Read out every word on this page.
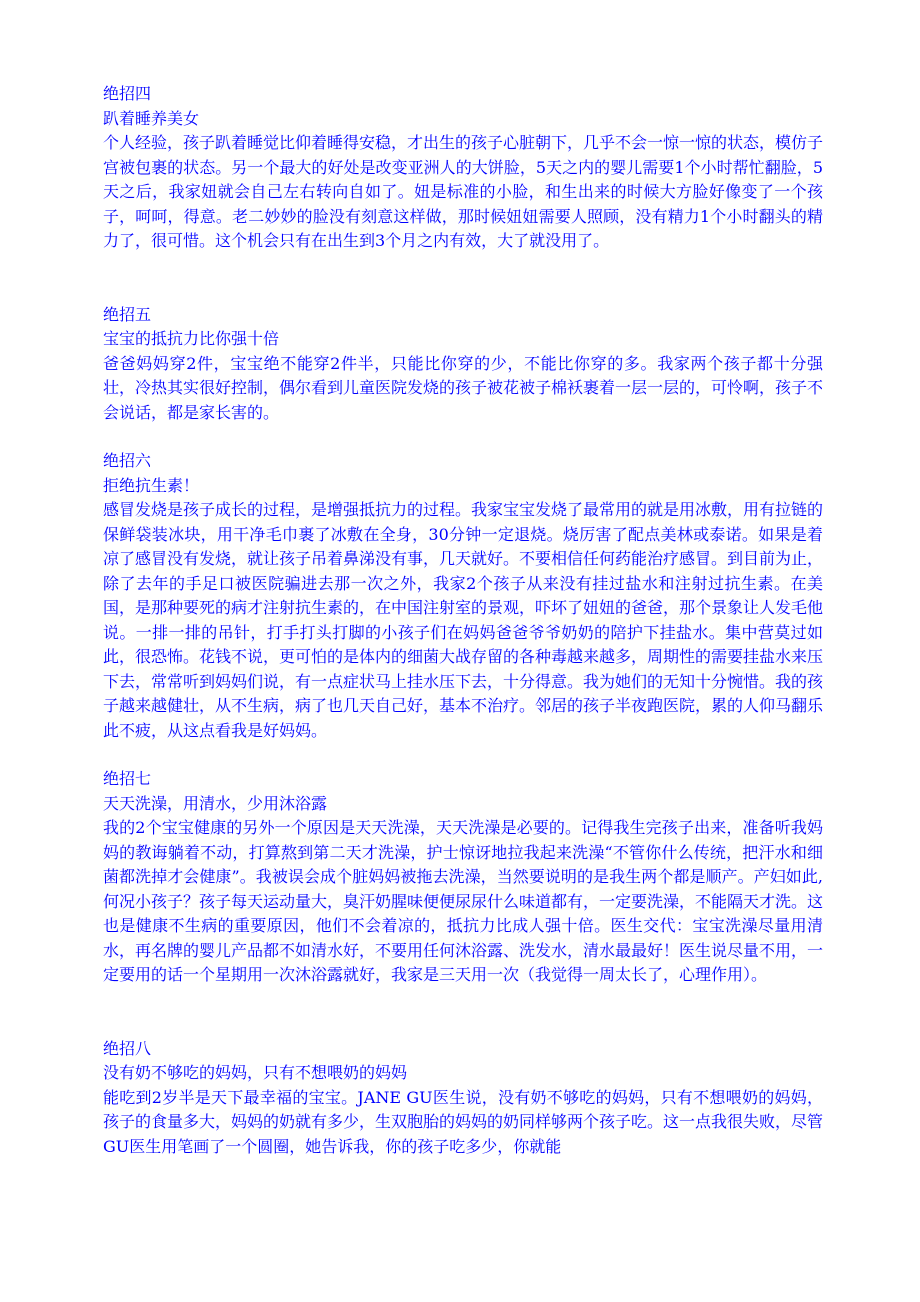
绝招四

趴着睡养美女

个人经验，孩子趴着睡觉比仰着睡得安稳，才出生的孩子心脏朝下，几乎不会一惊一惊的状态，模仿子宫被包裹的状态。另一个最大的好处是改变亚洲人的大饼脸，5天之内的婴儿需要1个小时帮忙翻脸，5天之后，我家妞就会自己左右转向自如了。妞是标准的小脸，和生出来的时候大方脸好像变了一个孩子，呵呵，得意。老二妙妙的脸没有刻意这样做，那时候妞妞需要人照顾，没有精力1个小时翻头的精力了，很可惜。这个机会只有在出生到3个月之内有效，大了就没用了。

绝招五

宝宝的抵抗力比你强十倍

爸爸妈妈穿2件，宝宝绝不能穿2件半，只能比你穿的少，不能比你穿的多。我家两个孩子都十分强壮，冷热其实很好控制，偶尔看到儿童医院发烧的孩子被花被子棉袄裹着一层一层的，可怜啊，孩子不会说话，都是家长害的。

绝招六

拒绝抗生素！

感冒发烧是孩子成长的过程，是增强抵抗力的过程。我家宝宝发烧了最常用的就是用冰敷，用有拉链的保鲜袋装冰块，用干净毛巾裹了冰敷在全身，30分钟一定退烧。烧厉害了配点美林或泰诺。如果是着凉了感冒没有发烧，就让孩子吊着鼻涕没有事，几天就好。不要相信任何药能治疗感冒。到目前为止，除了去年的手足口被医院骗进去那一次之外，我家2个孩子从来没有挂过盐水和注射过抗生素。在美国，是那种要死的病才注射抗生素的，在中国注射室的景观，吓坏了妞妞的爸爸，那个景象让人发毛他说。一排一排的吊针，打手打头打脚的小孩子们在妈妈爸爸爷爷奶奶的陪护下挂盐水。集中营莫过如此，很恐怖。花钱不说，更可怕的是体内的细菌大战存留的各种毒越来越多，周期性的需要挂盐水来压下去，常常听到妈妈们说，有一点症状马上挂水压下去，十分得意。我为她们的无知十分惋惜。我的孩子越来越健壮，从不生病，病了也几天自己好，基本不治疗。邻居的孩子半夜跑医院，累的人仰马翻乐此不疲，从这点看我是好妈妈。

绝招七

天天洗澡，用清水，少用沐浴露

我的2个宝宝健康的另外一个原因是天天洗澡，天天洗澡是必要的。记得我生完孩子出来，准备听我妈妈的教诲躺着不动，打算熬到第二天才洗澡，护士惊讶地拉我起来洗澡“不管你什么传统，把汗水和细菌都洗掉才会健康”。我被误会成个脏妈妈被拖去洗澡，当然要说明的是我生两个都是顺产。产妇如此,何况小孩子？孩子每天运动量大，臭汗奶腥味便便尿尿什么味道都有，一定要洗澡，不能隔天才洗。这也是健康不生病的重要原因，他们不会着凉的，抵抗力比成人强十倍。医生交代：宝宝洗澡尽量用清水，再名牌的婴儿产品都不如清水好，不要用任何沐浴露、洗发水，清水最最好！医生说尽量不用，一定要用的话一个星期用一次沐浴露就好，我家是三天用一次（我觉得一周太长了，心理作用）。

绝招八

没有奶不够吃的妈妈，只有不想喂奶的妈妈

能吃到2岁半是天下最幸福的宝宝。JANE GU医生说，没有奶不够吃的妈妈，只有不想喂奶的妈妈，孩子的食量多大，妈妈的奶就有多少，生双胞胎的妈妈的奶同样够两个孩子吃。这一点我很失败，尽管GU医生用笔画了一个圆圈，她告诉我，你的孩子吃多少，你就能
